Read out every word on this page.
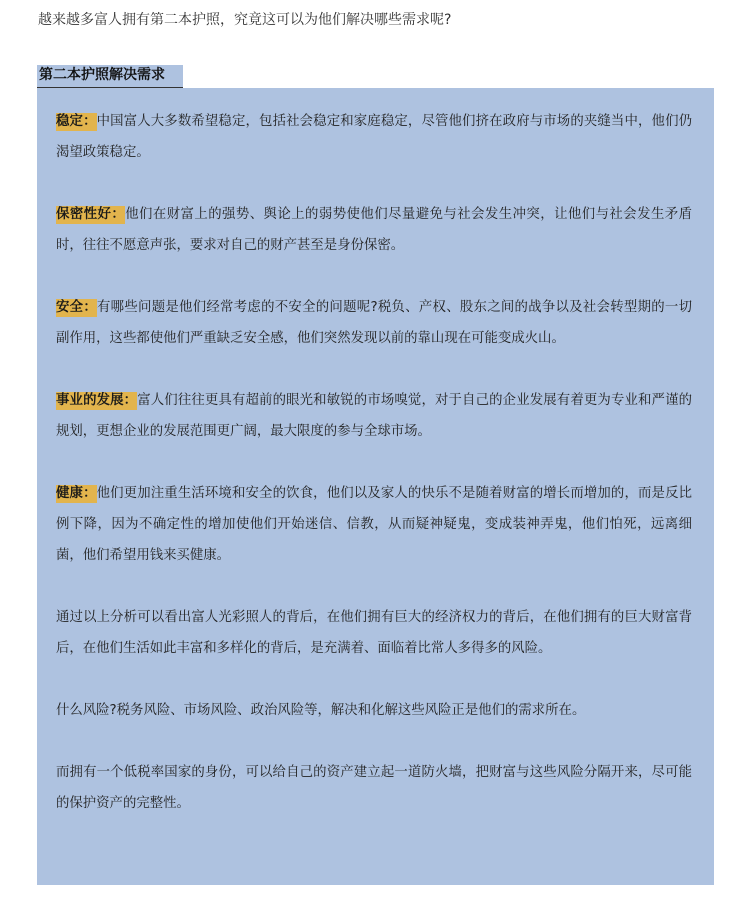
越来越多富人拥有第二本护照，究竟这可以为他们解决哪些需求呢?
第二本护照解决需求

稳定：中国富人大多数希望稳定，包括社会稳定和家庭稳定，尽管他们挤在政府与市场的夹缝当中，他们仍渴望政策稳定。

保密性好：他们在财富上的强势、舆论上的弱势使他们尽量避免与社会发生冲突，让他们与社会发生矛盾时，往往不愿意声张，要求对自己的财产甚至是身份保密。

安全：有哪些问题是他们经常考虑的不安全的问题呢?税负、产权、股东之间的战争以及社会转型期的一切副作用，这些都使他们严重缺乏安全感，他们突然发现以前的靠山现在可能变成火山。

事业的发展：富人们往往更具有超前的眼光和敏锐的市场嗅觉，对于自己的企业发展有着更为专业和严谨的规划，更想企业的发展范围更广阔，最大限度的参与全球市场。

健康：他们更加注重生活环境和安全的饮食，他们以及家人的快乐不是随着财富的增长而增加的，而是反比例下降，因为不确定性的增加使他们开始迷信、信教，从而疑神疑鬼，变成装神弄鬼，他们怕死，远离细菌，他们希望用钱来买健康。

通过以上分析可以看出富人光彩照人的背后，在他们拥有巨大的经济权力的背后，在他们拥有的巨大财富背后，在他们生活如此丰富和多样化的背后，是充满着、面临着比常人多得多的风险。

什么风险?税务风险、市场风险、政治风险等，解决和化解这些风险正是他们的需求所在。

而拥有一个低税率国家的身份，可以给自己的资产建立起一道防火墙，把财富与这些风险分隔开来，尽可能的保护资产的完整性。
